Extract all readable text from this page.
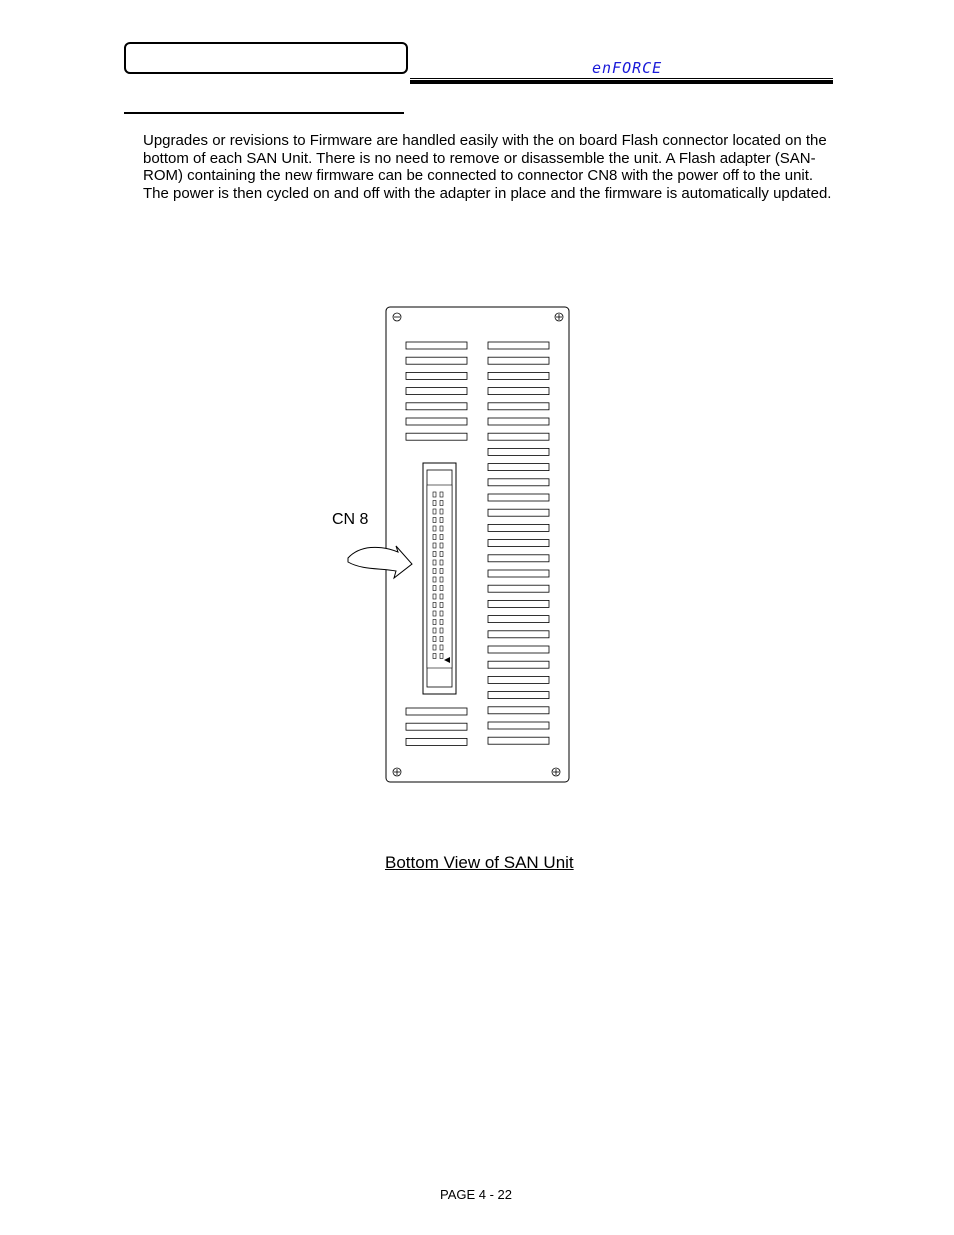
enFORCE

Upgrades or revisions to Firmware are handled easily with the on board Flash connector located on the bottom of each SAN Unit. There is no need to remove or disassemble the unit. A Flash adapter (SAN-ROM) containing the new firmware can be connected to connector CN8 with the power off to the unit. The power is then cycled on and off with the adapter in place and the firmware is automatically updated.

CN 8
Bottom View of SAN Unit
PAGE 4 - 22
